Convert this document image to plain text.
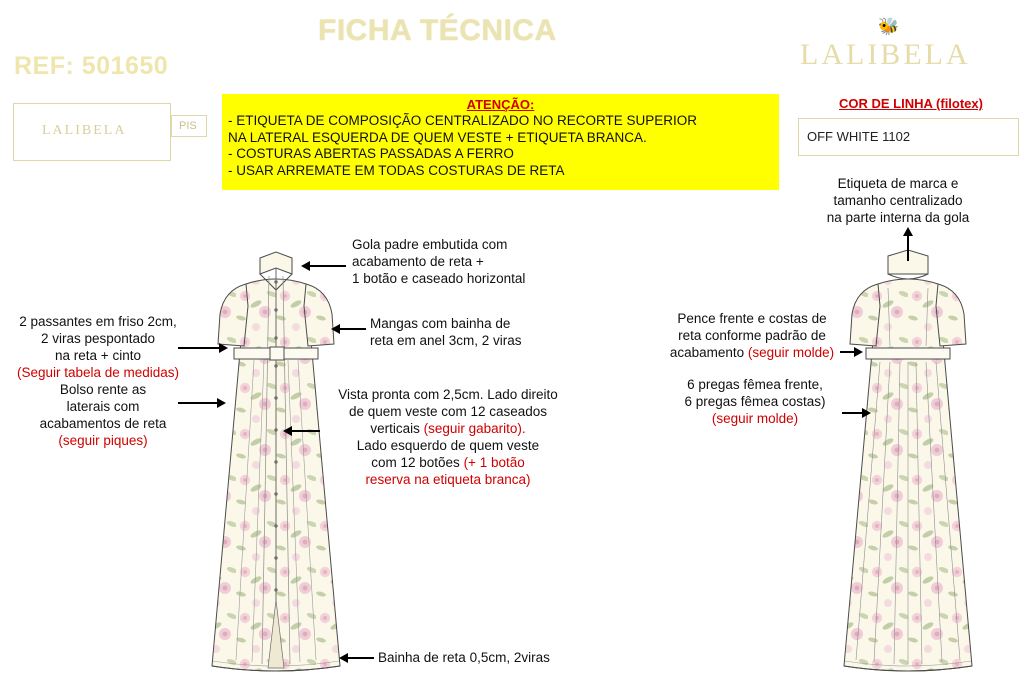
FICHA TÉCNICA
REF: 501650
🐝
LALIBELA
LALIBELA	PIS
ATENÇÃO:
- ETIQUETA DE COMPOSIÇÃO CENTRALIZADO NO RECORTE SUPERIOR
NA LATERAL ESQUERDA DE QUEM VESTE + ETIQUETA BRANCA.
- COSTURAS ABERTAS PASSADAS A FERRO
- USAR ARREMATE EM TODAS COSTURAS DE RETA
COR DE LINHA (filotex)
OFF WHITE 1102
Gola padre embutida com
acabamento de reta +
1 botão e caseado horizontal
Mangas com bainha de
reta em anel 3cm, 2 viras
2 passantes em friso 2cm,
2 viras pespontado
na reta + cinto
(Seguir tabela de medidas)
Bolso rente as
laterais com
acabamentos de reta
(seguir piques)
Vista pronta com 2,5cm. Lado direito
de quem veste com 12 caseados
verticais (seguir gabarito).
Lado esquerdo de quem veste
com 12 botões (+ 1 botão
reserva na etiqueta branca)
Bainha de reta 0,5cm, 2viras
Etiqueta de marca e
tamanho centralizado
na parte interna da gola
Pence frente e costas de
reta conforme padrão de
acabamento (seguir molde)
6 pregas fêmea frente,
6 pregas fêmea costas)
(seguir molde)
